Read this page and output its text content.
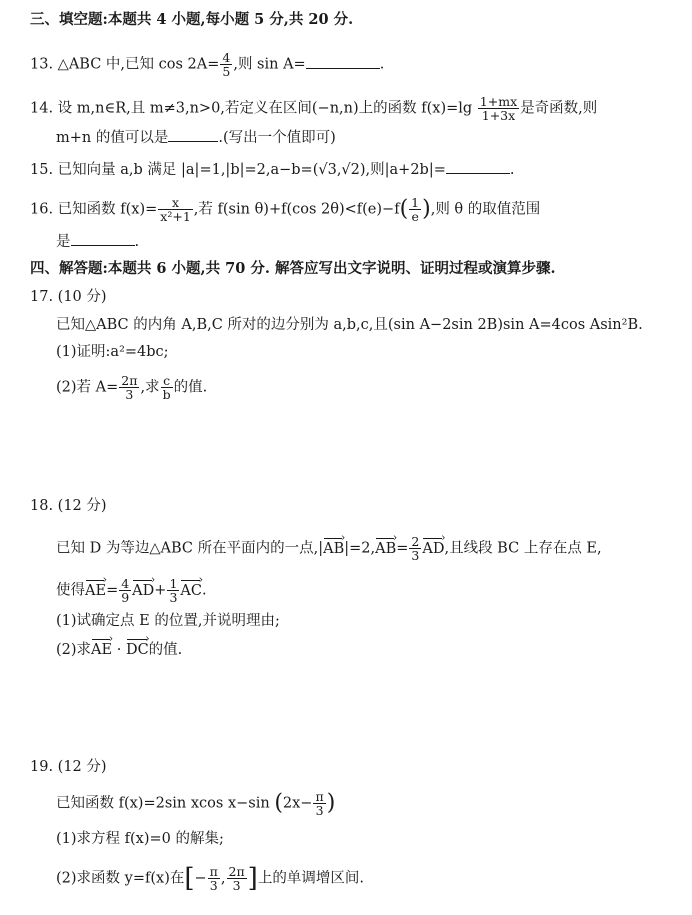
三、填空题:本题共 4 小题,每小题 5 分,共 20 分.
13. △ABC 中,已知 $\cos 2A= \frac{4}{5}$ ,则 sin A=	.
14. 设 m,n∈R,且 m≠3,n>0,若定义在区间(−n,n)上的函数 $f(x)=\lg \frac{1+mx}{1+3x}$ 是奇函数,则
m+n 的值可以是	.(写出一个值即可)
15. 已知向量 a,b 满足 |a|=1,|b|=2,a−b=(√3,√2),则|a+2b|=	.
16. 已知函数 $f(x)= \frac{x}{\text{x²+1}}$ ,若 f(sin θ)+f(cos $2\theta)<f(e)-f( \frac{1}{e}$ ),则 θ 的取值范围
是	.
四、解答题:本题共 6 小题,共 70 分. 解答应写出文字说明、证明过程或演算步骤.
17. (10 分)
已知△ABC 的内角 A,B,C 所对的边分别为 a,b,c,且(sin A−2sin 2B)sin A=4cos Asin²B.
(1)证明:a²=4bc;
(2)若 $A= \frac{2\pi}{3}$ ,求 $\frac{c}{b}$ 的值.
18. (12 分)
已知 D 为等边△ABC 所在平面内的一点,|AB ›|=2,AB ›= $\frac{2}{3}$ AD ›,且线段 BC 上存在点 E,
使得AE ›= $\frac{4}{9}$ AD ›+ $\frac{1}{3}$ AC ›.
(1)试确定点 E 的位置,并说明理由;
(2)求AE › · DC ›的值.
19. (12 分)
已知函数 f(x)=2sin xcos x−sin ($2x- \frac{\pi}{3}$ )
(1)求方程 f(x)=0 的解集;
(2)求函数 y=f(x)在[− $\frac{\pi}{3}$ , $\frac{2\pi}{3}$ ]上的单调增区间.
